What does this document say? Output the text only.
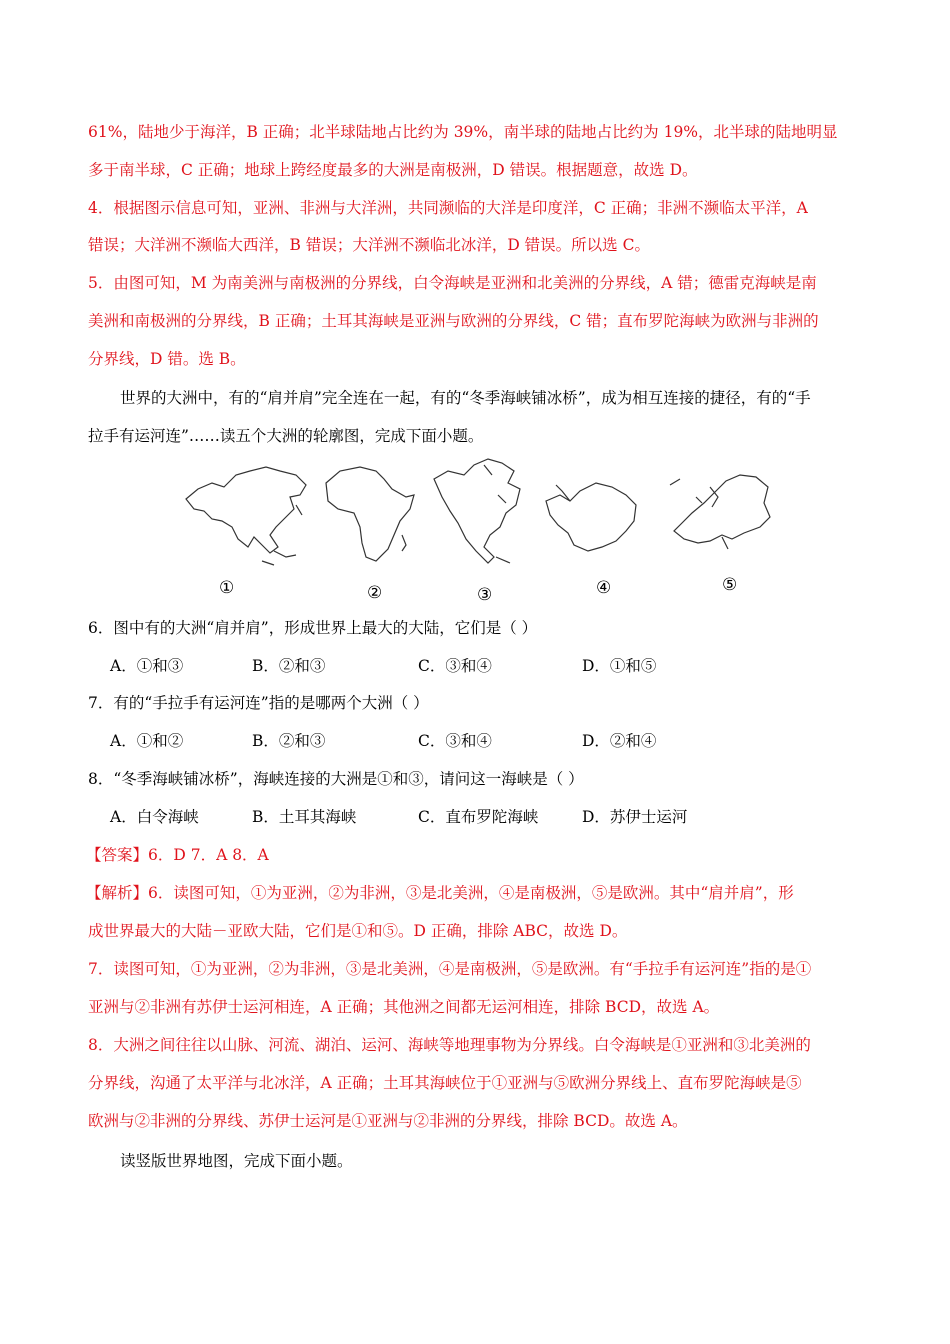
61%，陆地少于海洋，B 正确；北半球陆地占比约为 39%，南半球的陆地占比约为 19%，北半球的陆地明显
多于南半球，C 正确；地球上跨经度最多的大洲是南极洲，D 错误。根据题意，故选 D。
4．根据图示信息可知，亚洲、非洲与大洋洲，共同濒临的大洋是印度洋，C 正确；非洲不濒临太平洋，A
错误；大洋洲不濒临大西洋，B 错误；大洋洲不濒临北冰洋，D 错误。所以选 C。
5．由图可知，M 为南美洲与南极洲的分界线，白令海峡是亚洲和北美洲的分界线，A 错；德雷克海峡是南
美洲和南极洲的分界线，B 正确；土耳其海峡是亚洲与欧洲的分界线，C 错；直布罗陀海峡为欧洲与非洲的
分界线，D 错。选 B。
世界的大洲中，有的“肩并肩”完全连在一起，有的“冬季海峡铺冰桥”，成为相互连接的捷径，有的“手
拉手有运河连”……读五个大洲的轮廓图，完成下面小题。
①	②	③	④	⑤
6．图中有的大洲“肩并肩”，形成世界上最大的大陆，它们是（ ）
A．①和③	B．②和③	C．③和④	D．①和⑤
7．有的“手拉手有运河连”指的是哪两个大洲（ ）
A．①和②	B．②和③	C．③和④	D．②和④
8．“冬季海峡铺冰桥”，海峡连接的大洲是①和③，请问这一海峡是（ ）
A．白令海峡	B．土耳其海峡	C．直布罗陀海峡	D．苏伊士运河
【答案】6．D 7．A 8．A
【解析】6．读图可知，①为亚洲，②为非洲，③是北美洲，④是南极洲，⑤是欧洲。其中“肩并肩”，形
成世界最大的大陆－亚欧大陆，它们是①和⑤。D 正确，排除 ABC，故选 D。
7．读图可知，①为亚洲，②为非洲，③是北美洲，④是南极洲，⑤是欧洲。有“手拉手有运河连”指的是①
亚洲与②非洲有苏伊士运河相连，A 正确；其他洲之间都无运河相连，排除 BCD，故选 A。
8．大洲之间往往以山脉、河流、湖泊、运河、海峡等地理事物为分界线。白令海峡是①亚洲和③北美洲的
分界线，沟通了太平洋与北冰洋，A 正确；土耳其海峡位于①亚洲与⑤欧洲分界线上、直布罗陀海峡是⑤
欧洲与②非洲的分界线、苏伊士运河是①亚洲与②非洲的分界线，排除 BCD。故选 A。
读竖版世界地图，完成下面小题。
